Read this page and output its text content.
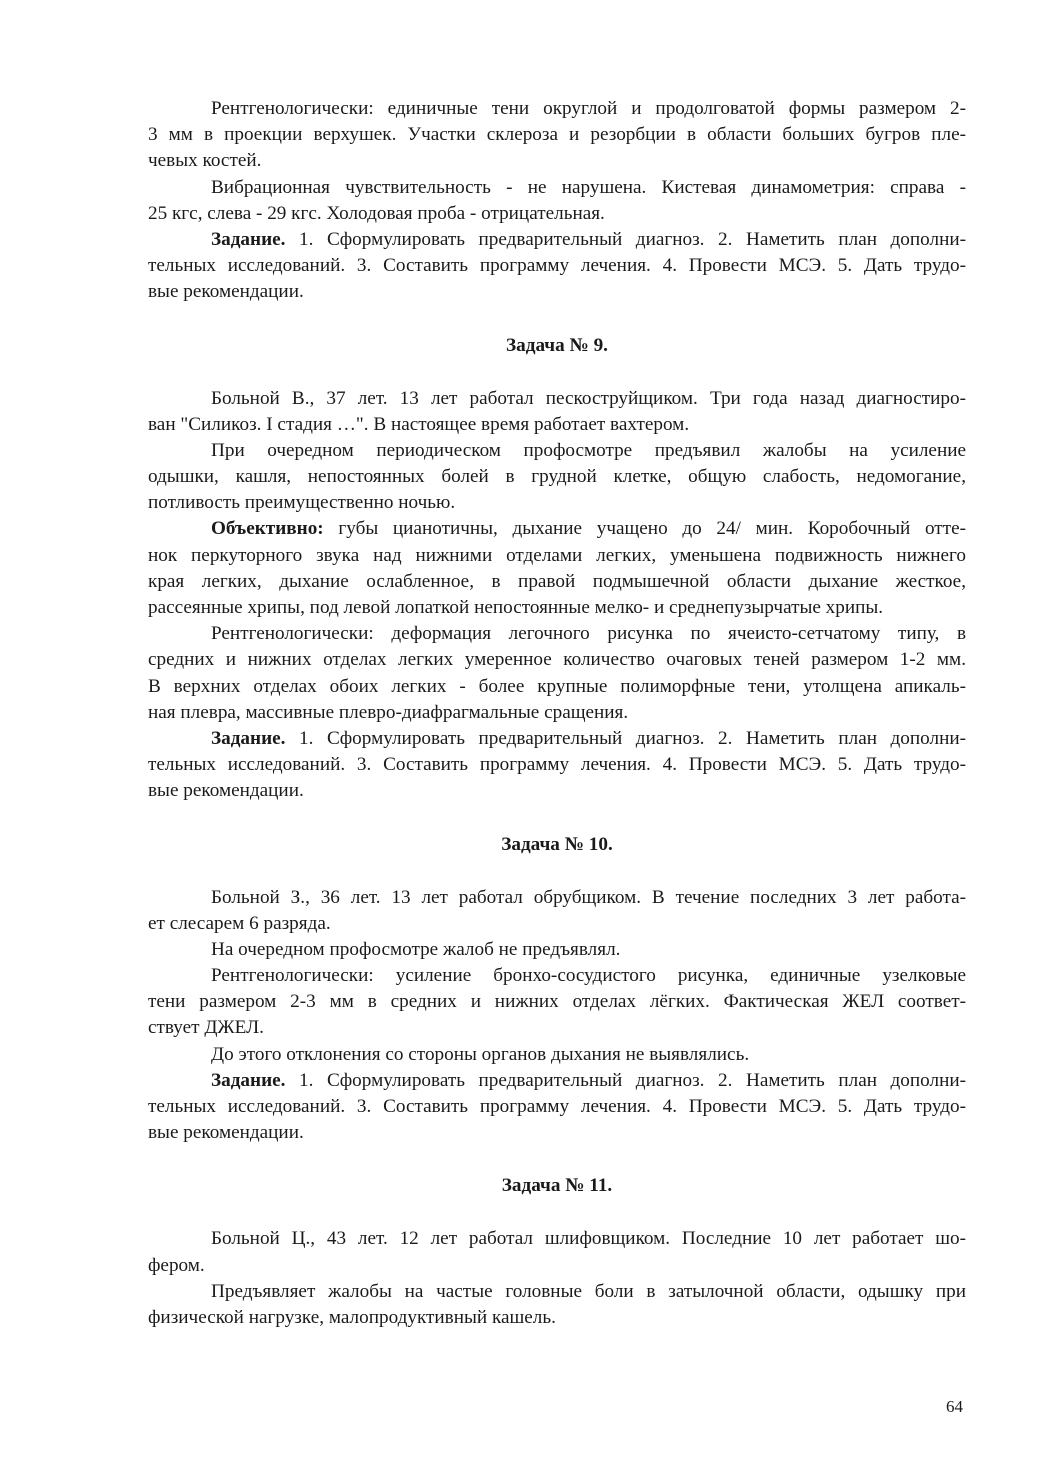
Рентгенологически: единичные тени округлой и продолговатой формы размером 2-
3 мм в проекции верхушек. Участки склероза и резорбции в области больших бугров пле-
чевых костей.
Вибрационная чувствительность - не нарушена. Кистевая динамометрия: справа -
25 кгс, слева - 29 кгс. Холодовая проба - отрицательная.
Задание. 1. Сформулировать предварительный диагноз. 2. Наметить план дополни-
тельных исследований. 3. Составить программу лечения. 4. Провести МСЭ. 5. Дать трудо-
вые рекомендации.
Задача № 9.
Больной В., 37 лет. 13 лет работал пескоструйщиком. Три года назад диагностиро-
ван "Силикоз. I стадия …". В настоящее время работает вахтером.
При очередном периодическом профосмотре предъявил жалобы на усиление
одышки, кашля, непостоянных болей в грудной клетке, общую слабость, недомогание,
потливость преимущественно ночью.
Объективно: губы цианотичны, дыхание учащено до 24/ мин. Коробочный отте-
нок перкуторного звука над нижними отделами легких, уменьшена подвижность нижнего
края легких, дыхание ослабленное, в правой подмышечной области дыхание жесткое,
рассеянные хрипы, под левой лопаткой непостоянные мелко- и среднепузырчатые хрипы.
Рентгенологически: деформация легочного рисунка по ячеисто-сетчатому типу, в
средних и нижних отделах легких умеренное количество очаговых теней размером 1-2 мм.
В верхних отделах обоих легких - более крупные полиморфные тени, утолщена апикаль-
ная плевра, массивные плевро-диафрагмальные сращения.
Задание. 1. Сформулировать предварительный диагноз. 2. Наметить план дополни-
тельных исследований. 3. Составить программу лечения. 4. Провести МСЭ. 5. Дать трудо-
вые рекомендации.
Задача № 10.
Больной З., 36 лет. 13 лет работал обрубщиком. В течение последних 3 лет работа-
ет слесарем 6 разряда.
На очередном профосмотре жалоб не предъявлял.
Рентгенологически: усиление бронхо-сосудистого рисунка, единичные узелковые
тени размером 2-3 мм в средних и нижних отделах лёгких. Фактическая ЖЕЛ соответ-
ствует ДЖЕЛ.
До этого отклонения со стороны органов дыхания не выявлялись.
Задание. 1. Сформулировать предварительный диагноз. 2. Наметить план дополни-
тельных исследований. 3. Составить программу лечения. 4. Провести МСЭ. 5. Дать трудо-
вые рекомендации.
Задача № 11.
Больной Ц., 43 лет. 12 лет работал шлифовщиком. Последние 10 лет работает шо-
фером.
Предъявляет жалобы на частые головные боли в затылочной области, одышку при
физической нагрузке, малопродуктивный кашель.
64
